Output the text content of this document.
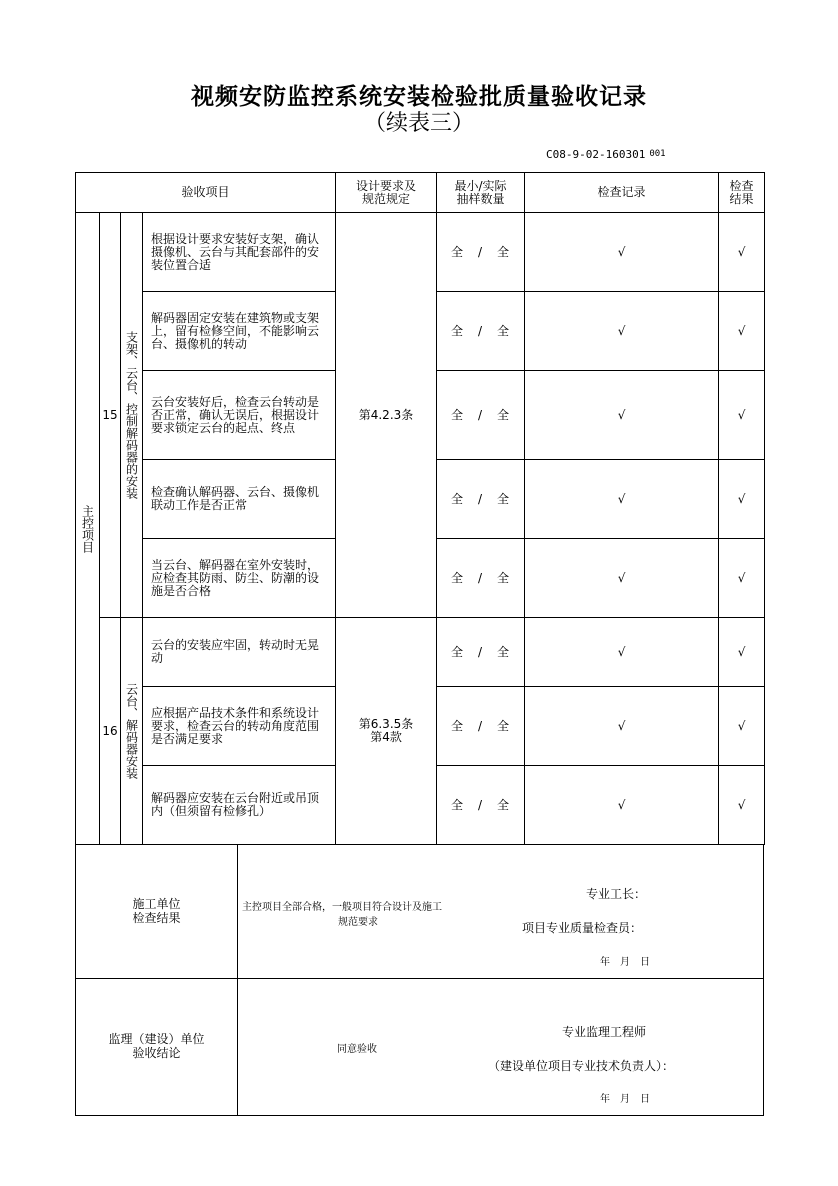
视频安防监控系统安装检验批质量验收记录
（续表三）
C08-9-02-160301 001
验收项目				设计要求及规范规定	最小/实际抽样数量	检查记录	检查结果

主控项目	15	支架、云台、控制解码器的安装	根据设计要求安装好支架，确认摄像机、云台与其配套部件的安装位置合适	第4.2.3条	全 / 全	√	√
			解码器固定安装在建筑物或支架上，留有检修空间，不能影响云台、摄像机的转动		全 / 全	√	√
			云台安装好后，检查云台转动是否正常，确认无误后，根据设计要求锁定云台的起点、终点		全 / 全	√	√
			检查确认解码器、云台、摄像机联动工作是否正常		全 / 全	√	√
			当云台、解码器在室外安装时，应检查其防雨、防尘、防潮的设施是否合格		全 / 全	√	√
	16	云台、解码器安装	云台的安装应牢固，转动时无晃动	第6.3.5条第4款	全 / 全	√	√
			应根据产品技术条件和系统设计要求，检查云台的转动角度范围是否满足要求		全 / 全	√	√
			解码器应安装在云台附近或吊顶内（但须留有检修孔）		全 / 全	√	√
施工单位检查结果
主控项目全部合格，一般项目符合设计及施工
规范要求
专业工长：
项目专业质量检查员：
年　月　日
监理（建设）单位
验收结论	同意验收
专业监理工程师
（建设单位项目专业技术负责人）：
年　月　日
